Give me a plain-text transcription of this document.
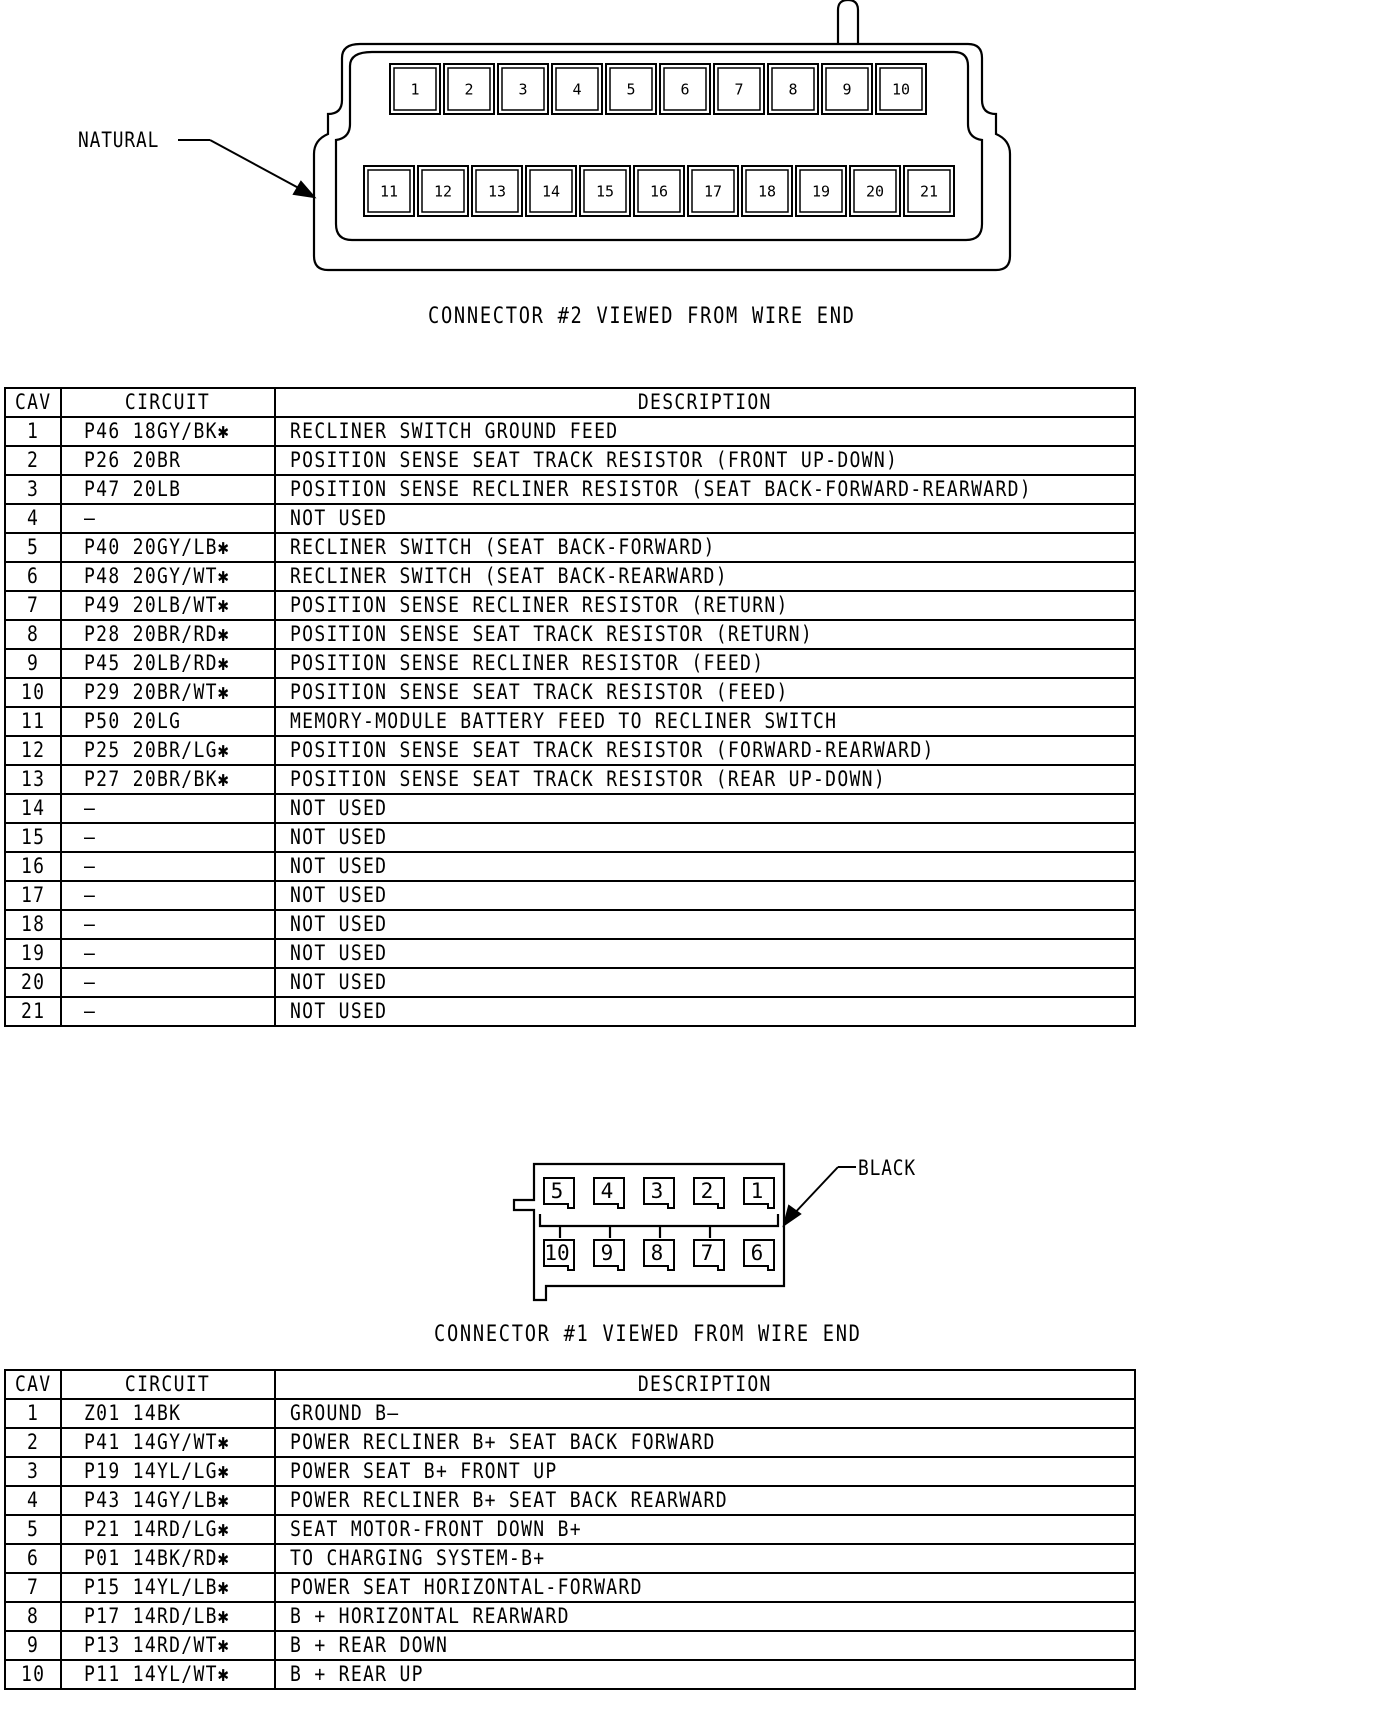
1	2	3	4	5	6	7	8	9	10
11 12 13 14 15 16 17 18 19 20 21
5 4 3 2 1
10 9 8 7 6
NATURAL
CONNECTOR #2 VIEWED FROM WIRE END
CAV	CIRCUIT	DESCRIPTION
1	P46 18GY/BK✱	RECLINER SWITCH GROUND FEED
2	P26 20BR	POSITION SENSE SEAT TRACK RESISTOR (FRONT UP-DOWN)
3	P47 20LB	POSITION SENSE RECLINER RESISTOR (SEAT BACK-FORWARD-REARWARD)
4	—	NOT USED
5	P40 20GY/LB✱	RECLINER SWITCH (SEAT BACK-FORWARD)
6	P48 20GY/WT✱	RECLINER SWITCH (SEAT BACK-REARWARD)
7	P49 20LB/WT✱	POSITION SENSE RECLINER RESISTOR (RETURN)
8	P28 20BR/RD✱	POSITION SENSE SEAT TRACK RESISTOR (RETURN)
9	P45 20LB/RD✱	POSITION SENSE RECLINER RESISTOR (FEED)
10	P29 20BR/WT✱	POSITION SENSE SEAT TRACK RESISTOR (FEED)
11	P50 20LG	MEMORY-MODULE BATTERY FEED TO RECLINER SWITCH
12	P25 20BR/LG✱	POSITION SENSE SEAT TRACK RESISTOR (FORWARD-REARWARD)
13	P27 20BR/BK✱	POSITION SENSE SEAT TRACK RESISTOR (REAR UP-DOWN)
14	—	NOT USED
15	—	NOT USED
16	—	NOT USED
17	—	NOT USED
18	—	NOT USED
19	—	NOT USED
20	—	NOT USED
21	—	NOT USED
BLACK
CONNECTOR #1 VIEWED FROM WIRE END
CAV	CIRCUIT	DESCRIPTION
1	Z01 14BK	GROUND B—
2	P41 14GY/WT✱	POWER RECLINER B+ SEAT BACK FORWARD
3	P19 14YL/LG✱	POWER SEAT B+ FRONT UP
4	P43 14GY/LB✱	POWER RECLINER B+ SEAT BACK REARWARD
5	P21 14RD/LG✱	SEAT MOTOR-FRONT DOWN B+
6	P01 14BK/RD✱	TO CHARGING SYSTEM-B+
7	P15 14YL/LB✱	POWER SEAT HORIZONTAL-FORWARD
8	P17 14RD/LB✱	B + HORIZONTAL REARWARD
9	P13 14RD/WT✱	B + REAR DOWN
10	P11 14YL/WT✱	B + REAR UP
